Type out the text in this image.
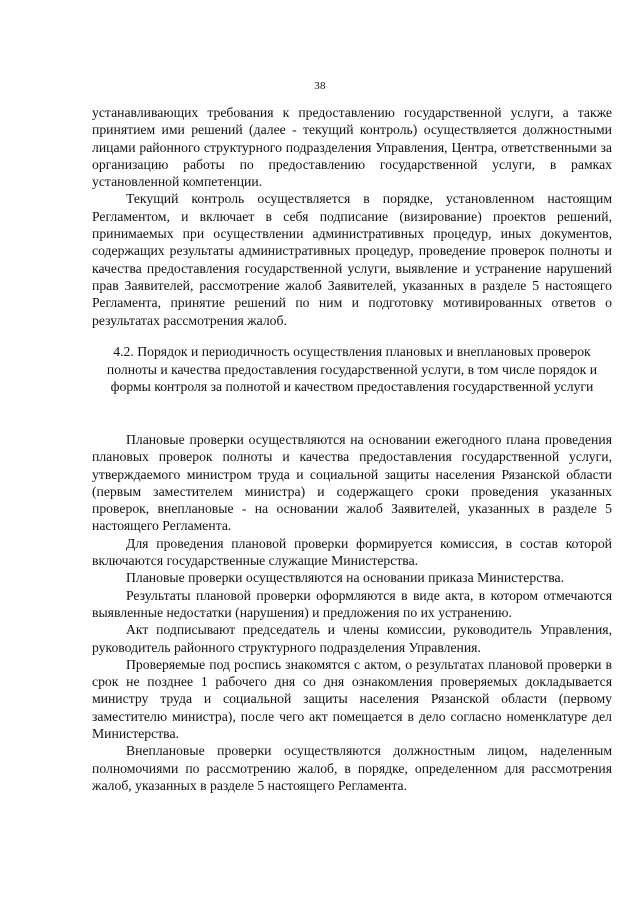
38

устанавливающих требования к предоставлению государственной услуги, а также принятием ими решений (далее - текущий контроль) осуществляется должностными лицами районного структурного подразделения Управления, Центра, ответственными за организацию работы по предоставлению государственной услуги, в рамках установленной компетенции.

Текущий контроль осуществляется в порядке, установленном настоящим Регламентом, и включает в себя подписание (визирование) проектов решений, принимаемых при осуществлении административных процедур, иных документов, содержащих результаты административных процедур, проведение проверок полноты и качества предоставления государственной услуги, выявление и устранение нарушений прав Заявителей, рассмотрение жалоб Заявителей, указанных в разделе 5 настоящего Регламента, принятие решений по ним и подготовку мотивированных ответов о результатах рассмотрения жалоб.

4.2. Порядок и периодичность осуществления плановых и внеплановых проверок полноты и качества предоставления государственной услуги, в том числе порядок и формы контроля за полнотой и качеством предоставления государственной услуги

Плановые проверки осуществляются на основании ежегодного плана проведения плановых проверок полноты и качества предоставления государственной услуги, утверждаемого министром труда и социальной защиты населения Рязанской области (первым заместителем министра) и содержащего сроки проведения указанных проверок, внеплановые - на основании жалоб Заявителей, указанных в разделе 5 настоящего Регламента.

Для проведения плановой проверки формируется комиссия, в состав которой включаются государственные служащие Министерства.

Плановые проверки осуществляются на основании приказа Министерства.

Результаты плановой проверки оформляются в виде акта, в котором отмечаются выявленные недостатки (нарушения) и предложения по их устранению.

Акт подписывают председатель и члены комиссии, руководитель Управления, руководитель районного структурного подразделения Управления.

Проверяемые под роспись знакомятся с актом, о результатах плановой проверки в срок не позднее 1 рабочего дня со дня ознакомления проверяемых докладывается министру труда и социальной защиты населения Рязанской области (первому заместителю министра), после чего акт помещается в дело согласно номенклатуре дел Министерства.

Внеплановые проверки осуществляются должностным лицом, наделенным полномочиями по рассмотрению жалоб, в порядке, определенном для рассмотрения жалоб, указанных в разделе 5 настоящего Регламента.
